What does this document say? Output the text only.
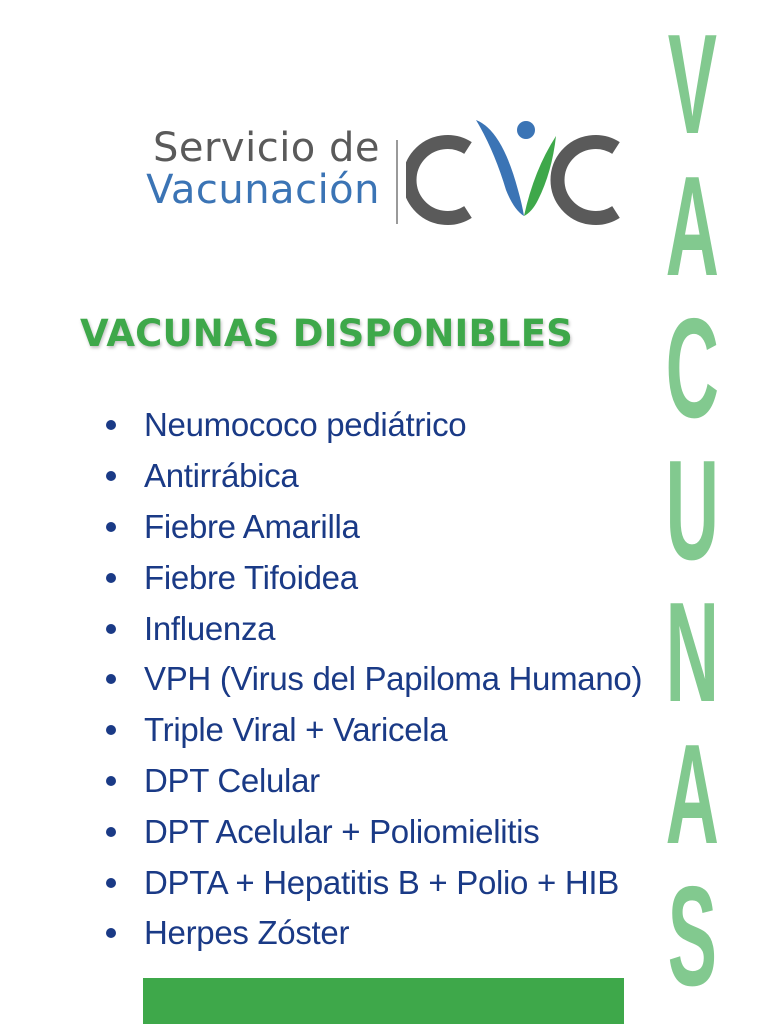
Servicio de
Vacunación
VACUNAS DISPONIBLES
Neumococo pediátrico
Antirrábica
Fiebre Amarilla
Fiebre Tifoidea
Influenza
VPH (Virus del Papiloma Humano)
Triple Viral + Varicela
DPT Celular
DPT Acelular + Poliomielitis
DPTA + Hepatitis B + Polio + HIB
Herpes Zóster
V
A
C
U
N
A
S
